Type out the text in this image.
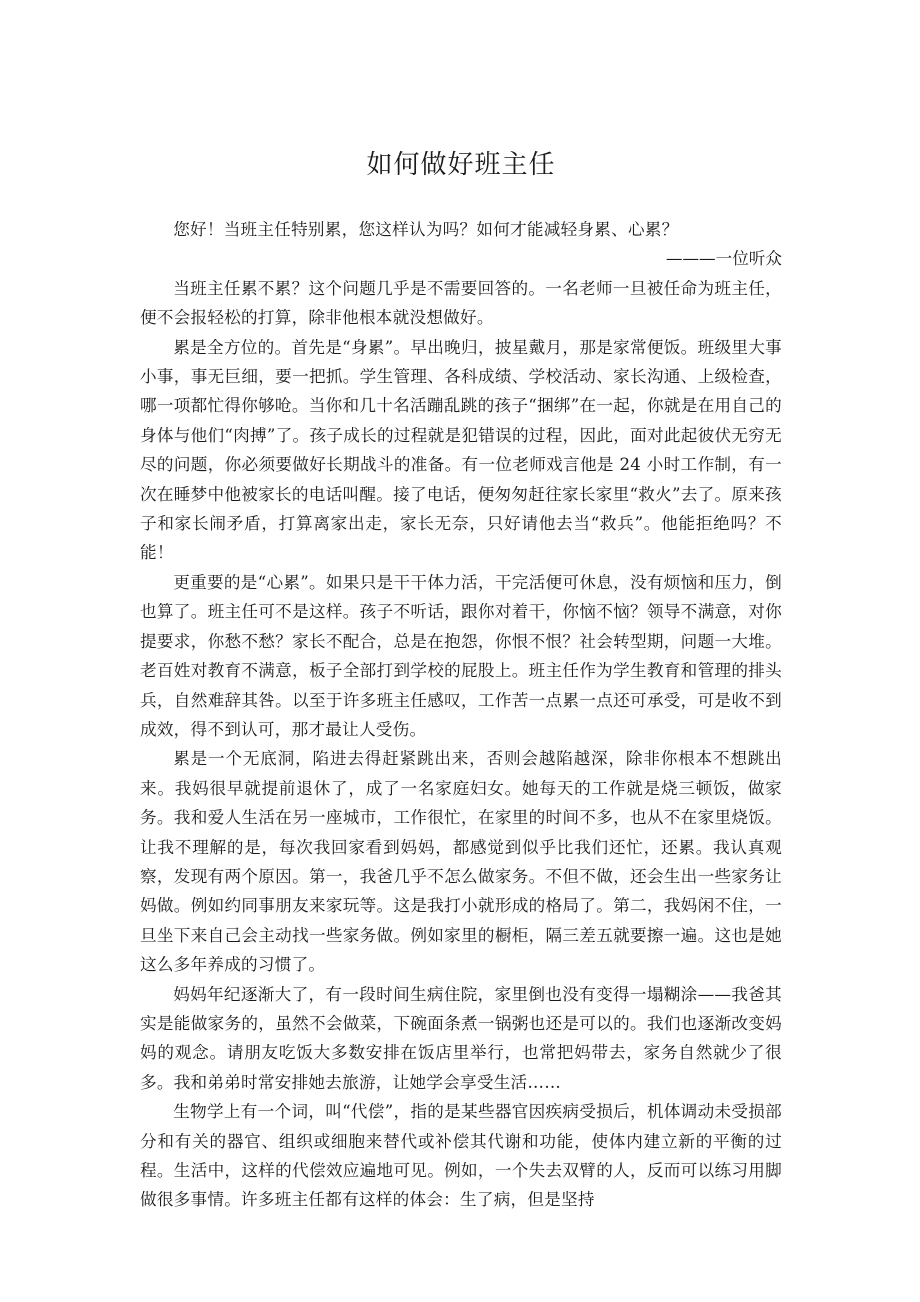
如何做好班主任

您好！当班主任特别累，您这样认为吗？如何才能减轻身累、心累？

———一位听众

当班主任累不累？这个问题几乎是不需要回答的。一名老师一旦被任命为班主任，便不会报轻松的打算，除非他根本就没想做好。

累是全方位的。首先是“身累”。早出晚归，披星戴月，那是家常便饭。班级里大事小事，事无巨细，要一把抓。学生管理、各科成绩、学校活动、家长沟通、上级检查，哪一项都忙得你够呛。当你和几十名活蹦乱跳的孩子“捆绑”在一起，你就是在用自己的身体与他们“肉搏”了。孩子成长的过程就是犯错误的过程，因此，面对此起彼伏无穷无尽的问题，你必须要做好长期战斗的准备。有一位老师戏言他是 24 小时工作制，有一次在睡梦中他被家长的电话叫醒。接了电话，便匆匆赶往家长家里“救火”去了。原来孩子和家长闹矛盾，打算离家出走，家长无奈，只好请他去当“救兵”。他能拒绝吗？不能！

更重要的是“心累”。如果只是干干体力活，干完活便可休息，没有烦恼和压力，倒也算了。班主任可不是这样。孩子不听话，跟你对着干，你恼不恼？领导不满意，对你提要求，你愁不愁？家长不配合，总是在抱怨，你恨不恨？社会转型期，问题一大堆。老百姓对教育不满意，板子全部打到学校的屁股上。班主任作为学生教育和管理的排头兵，自然难辞其咎。以至于许多班主任感叹，工作苦一点累一点还可承受，可是收不到成效，得不到认可，那才最让人受伤。

累是一个无底洞，陷进去得赶紧跳出来，否则会越陷越深，除非你根本不想跳出来。我妈很早就提前退休了，成了一名家庭妇女。她每天的工作就是烧三顿饭，做家务。我和爱人生活在另一座城市，工作很忙，在家里的时间不多，也从不在家里烧饭。让我不理解的是，每次我回家看到妈妈，都感觉到似乎比我们还忙，还累。我认真观察，发现有两个原因。第一，我爸几乎不怎么做家务。不但不做，还会生出一些家务让妈做。例如约同事朋友来家玩等。这是我打小就形成的格局了。第二，我妈闲不住，一旦坐下来自己会主动找一些家务做。例如家里的橱柜，隔三差五就要擦一遍。这也是她这么多年养成的习惯了。

妈妈年纪逐渐大了，有一段时间生病住院，家里倒也没有变得一塌糊涂——我爸其实是能做家务的，虽然不会做菜，下碗面条煮一锅粥也还是可以的。我们也逐渐改变妈妈的观念。请朋友吃饭大多数安排在饭店里举行，也常把妈带去，家务自然就少了很多。我和弟弟时常安排她去旅游，让她学会享受生活……

生物学上有一个词，叫“代偿”，指的是某些器官因疾病受损后，机体调动未受损部分和有关的器官、组织或细胞来替代或补偿其代谢和功能，使体内建立新的平衡的过程。生活中，这样的代偿效应遍地可见。例如，一个失去双臂的人，反而可以练习用脚做很多事情。许多班主任都有这样的体会：生了病，但是坚持
